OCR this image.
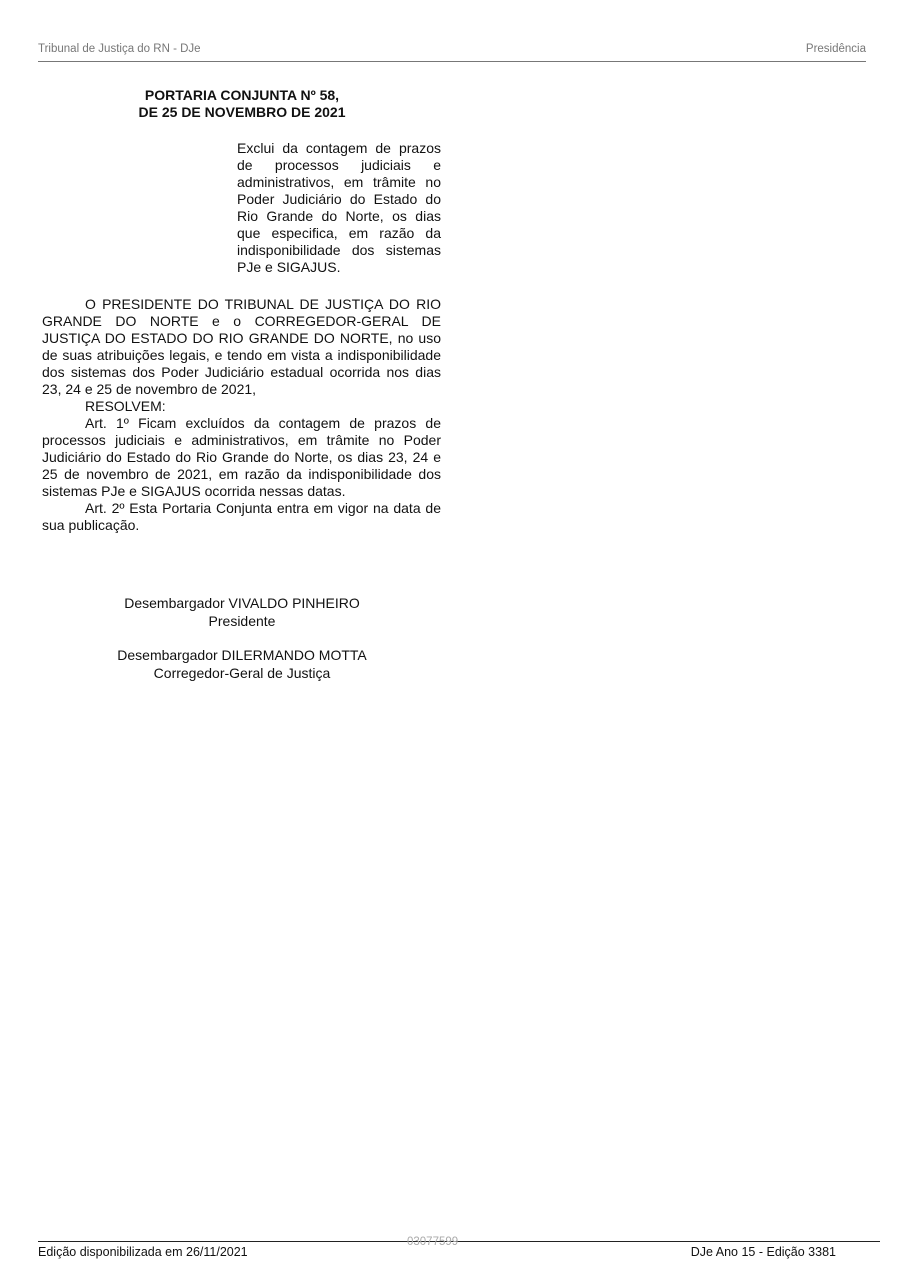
Tribunal de Justiça do RN - DJe	Presidência
PORTARIA CONJUNTA Nº 58,
DE 25 DE NOVEMBRO DE 2021
Exclui da contagem de prazos de processos judiciais e administrativos, em trâmite no Poder Judiciário do Estado do Rio Grande do Norte, os dias que especifica, em razão da indisponibilidade dos sistemas PJe e SIGAJUS.

O PRESIDENTE DO TRIBUNAL DE JUSTIÇA DO RIO GRANDE DO NORTE e o CORREGEDOR-GERAL DE JUSTIÇA DO ESTADO DO RIO GRANDE DO NORTE, no uso de suas atribuições legais, e tendo em vista a indisponibilidade dos sistemas dos Poder Judiciário estadual ocorrida nos dias 23, 24 e 25 de novembro de 2021,

RESOLVEM:

Art. 1º Ficam excluídos da contagem de prazos de processos judiciais e administrativos, em trâmite no Poder Judiciário do Estado do Rio Grande do Norte, os dias 23, 24 e 25 de novembro de 2021, em razão da indisponibilidade dos sistemas PJe e SIGAJUS ocorrida nessas datas.

Art. 2º Esta Portaria Conjunta entra em vigor na data de sua publicação.

Desembargador VIVALDO PINHEIRO
Presidente
Desembargador DILERMANDO MOTTA
Corregedor-Geral de Justiça
03077599
Edição disponibilizada em 26/11/2021	DJe Ano 15 - Edição 3381
